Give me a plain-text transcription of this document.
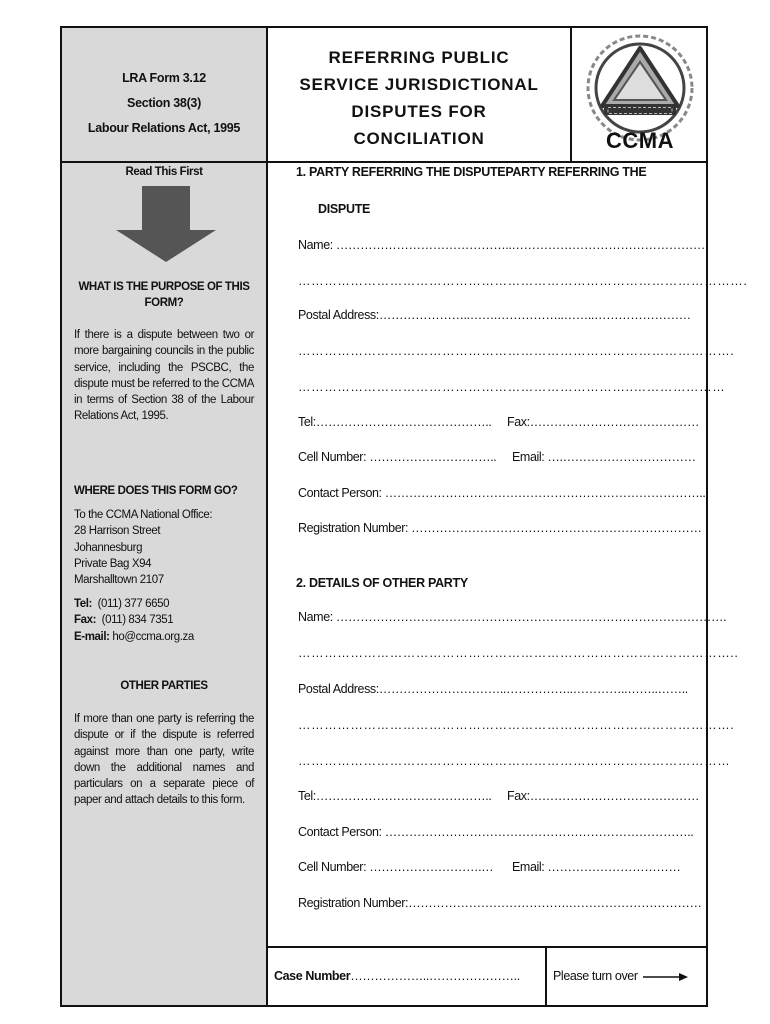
LRA Form 3.12
Section 38(3)
Labour Relations Act, 1995
REFERRING PUBLIC
SERVICE JURISDICTIONAL
DISPUTES FOR
CONCILIATION	CCMA
Read This First
WHAT IS THE PURPOSE OF THIS FORM?
If there is a dispute between two or more bargaining councils in the public service, including the PSCBC, the dispute must be referred to the CCMA in terms of Section 38 of the Labour Relations Act, 1995.
WHERE DOES THIS FORM GO?
To the CCMA National Office:
28 Harrison Street
Johannesburg
Private Bag X94
Marshalltown 2107
Tel: (011) 377 6650
Fax: (011) 834 7351
E-mail: ho@ccma.org.za
OTHER PARTIES
If more than one party is referring the dispute or if the dispute is referred against more than one party, write down the additional names and particulars on a separate piece of paper and attach details to this form.
1. PARTY REFERRING THE DISPUTEPARTY REFERRING THE
DISPUTE
Name: ……………………………………..…………………………………………
………………………………………………………………………………………….
Postal Address:…………………..…….……………..……..……………………
……………………………………………………………………………………….
…………………………………………………………………..…………………
Tel:……………………………………..	Fax:……………………………………
Cell Number: …………………………..	Email: ….……………………………
Contact Person: ……………………………………………………………………..
Registration Number: ………………………………………………………………
2. DETAILS OF OTHER PARTY
Name: …………………………………………………………………………………….
………………………………………………………………………………………..
Postal Address:…………………………..……………..…………..……..……..
……………………………………………………………………………………….
………………………………………………………………………………………
Tel:……………………………………..	Fax:……………………………………
Contact Person: …………………………………………………………………..
Cell Number: ……………………….…	Email: ……………………………
Registration Number:………………………………….……………………………
Case Number………………..…………………..	Please turn over
